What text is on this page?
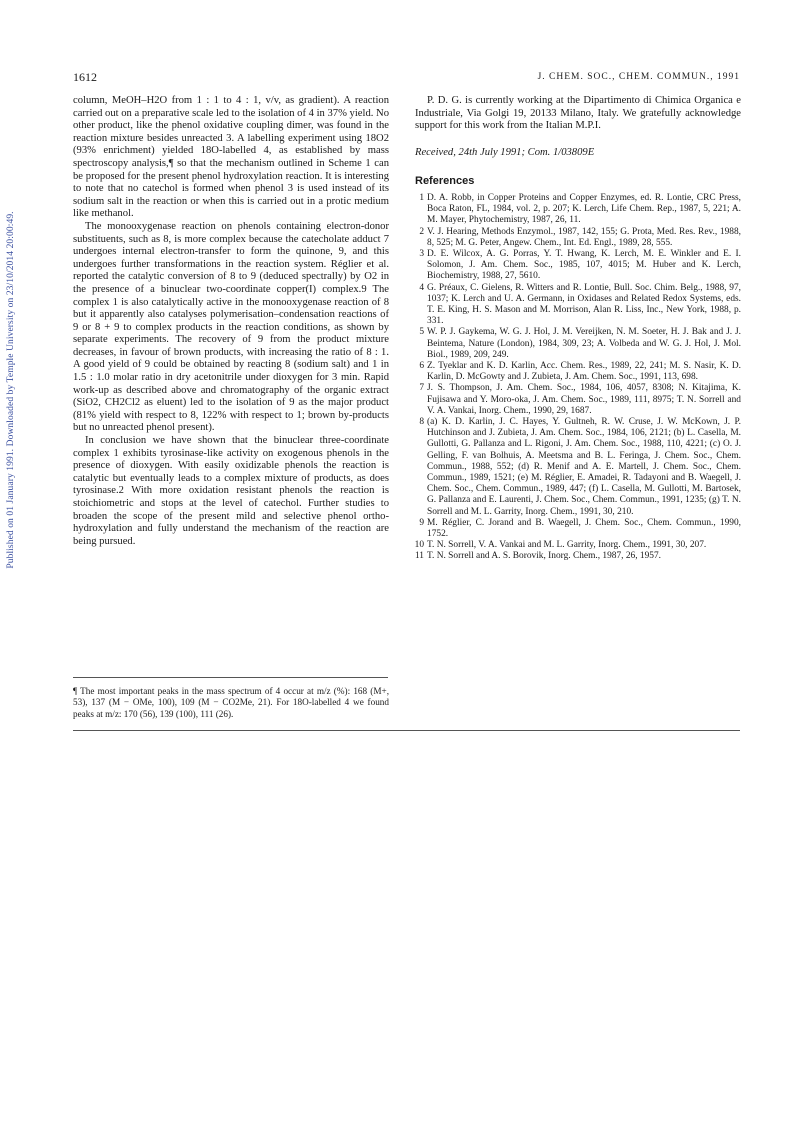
Published on 01 January 1991. Downloaded by Temple University on 23/10/2014 20:00:49.
1612	J. CHEM. SOC., CHEM. COMMUN., 1991

column, MeOH–H2O from 1 : 1 to 4 : 1, v/v, as gradient). A reaction carried out on a preparative scale led to the isolation of 4 in 37% yield. No other product, like the phenol oxidative coupling dimer, was found in the reaction mixture besides unreacted 3. A labelling experiment using 18O2 (93% enrichment) yielded 18O-labelled 4, as established by mass spectroscopy analysis,¶ so that the mechanism outlined in Scheme 1 can be proposed for the present phenol hydroxylation reaction. It is interesting to note that no catechol is formed when phenol 3 is used instead of its sodium salt in the reaction or when this is carried out in a protic medium like methanol.

The monooxygenase reaction on phenols containing electron-donor substituents, such as 8, is more complex because the catecholate adduct 7 undergoes internal electron-transfer to form the quinone, 9, and this undergoes further transformations in the reaction system. Réglier et al. reported the catalytic conversion of 8 to 9 (deduced spectrally) by O2 in the presence of a binuclear two-coordinate copper(I) complex.9 The complex 1 is also catalytically active in the monooxygenase reaction of 8 but it apparently also catalyses polymerisation–condensation reactions of 9 or 8 + 9 to complex products in the reaction conditions, as shown by separate experiments. The recovery of 9 from the product mixture decreases, in favour of brown products, with increasing the ratio of 8 : 1. A good yield of 9 could be obtained by reacting 8 (sodium salt) and 1 in 1.5 : 1.0 molar ratio in dry acetonitrile under dioxygen for 3 min. Rapid work-up as described above and chromatography of the organic extract (SiO2, CH2Cl2 as eluent) led to the isolation of 9 as the major product (81% yield with respect to 8, 122% with respect to 1; brown by-products but no unreacted phenol present).

In conclusion we have shown that the binuclear three-coordinate complex 1 exhibits tyrosinase-like activity on exogenous phenols in the presence of dioxygen. With easily oxidizable phenols the reaction is catalytic but eventually leads to a complex mixture of products, as does tyrosinase.2 With more oxidation resistant phenols the reaction is stoichiometric and stops at the level of catechol. Further studies to broaden the scope of the present mild and selective phenol ortho-hydroxylation and fully understand the mechanism of the reaction are being pursued.

¶ The most important peaks in the mass spectrum of 4 occur at m/z (%): 168 (M+, 53), 137 (M − OMe, 100), 109 (M − CO2Me, 21). For 18O-labelled 4 we found peaks at m/z: 170 (56), 139 (100), 111 (26).

P. D. G. is currently working at the Dipartimento di Chimica Organica e Industriale, Via Golgi 19, 20133 Milano, Italy. We gratefully acknowledge support for this work from the Italian M.P.I.

Received, 24th July 1991; Com. 1/03809E

References
1 D. A. Robb, in Copper Proteins and Copper Enzymes, ed. R. Lontie, CRC Press, Boca Raton, FL, 1984, vol. 2, p. 207; K. Lerch, Life Chem. Rep., 1987, 5, 221; A. M. Mayer, Phytochemistry, 1987, 26, 11.
2 V. J. Hearing, Methods Enzymol., 1987, 142, 155; G. Prota, Med. Res. Rev., 1988, 8, 525; M. G. Peter, Angew. Chem., Int. Ed. Engl., 1989, 28, 555.
3 D. E. Wilcox, A. G. Porras, Y. T. Hwang, K. Lerch, M. E. Winkler and E. I. Solomon, J. Am. Chem. Soc., 1985, 107, 4015; M. Huber and K. Lerch, Biochemistry, 1988, 27, 5610.
4 G. Préaux, C. Gielens, R. Witters and R. Lontie, Bull. Soc. Chim. Belg., 1988, 97, 1037; K. Lerch and U. A. Germann, in Oxidases and Related Redox Systems, eds. T. E. King, H. S. Mason and M. Morrison, Alan R. Liss, Inc., New York, 1988, p. 331.
5 W. P. J. Gaykema, W. G. J. Hol, J. M. Vereijken, N. M. Soeter, H. J. Bak and J. J. Beintema, Nature (London), 1984, 309, 23; A. Volbeda and W. G. J. Hol, J. Mol. Biol., 1989, 209, 249.
6 Z. Tyeklar and K. D. Karlin, Acc. Chem. Res., 1989, 22, 241; M. S. Nasir, K. D. Karlin, D. McGowty and J. Zubieta, J. Am. Chem. Soc., 1991, 113, 698.
7 J. S. Thompson, J. Am. Chem. Soc., 1984, 106, 4057, 8308; N. Kitajima, K. Fujisawa and Y. Moro-oka, J. Am. Chem. Soc., 1989, 111, 8975; T. N. Sorrell and V. A. Vankai, Inorg. Chem., 1990, 29, 1687.
8 (a) K. D. Karlin, J. C. Hayes, Y. Gultneh, R. W. Cruse, J. W. McKown, J. P. Hutchinson and J. Zubieta, J. Am. Chem. Soc., 1984, 106, 2121; (b) L. Casella, M. Gullotti, G. Pallanza and L. Rigoni, J. Am. Chem. Soc., 1988, 110, 4221; (c) O. J. Gelling, F. van Bolhuis, A. Meetsma and B. L. Feringa, J. Chem. Soc., Chem. Commun., 1988, 552; (d) R. Menif and A. E. Martell, J. Chem. Soc., Chem. Commun., 1989, 1521; (e) M. Réglier, E. Amadei, R. Tadayoni and B. Waegell, J. Chem. Soc., Chem. Commun., 1989, 447; (f) L. Casella, M. Gullotti, M. Bartosek, G. Pallanza and E. Laurenti, J. Chem. Soc., Chem. Commun., 1991, 1235; (g) T. N. Sorrell and M. L. Garrity, Inorg. Chem., 1991, 30, 210.
9 M. Réglier, C. Jorand and B. Waegell, J. Chem. Soc., Chem. Commun., 1990, 1752.
10 T. N. Sorrell, V. A. Vankai and M. L. Garrity, Inorg. Chem., 1991, 30, 207.
11 T. N. Sorrell and A. S. Borovik, Inorg. Chem., 1987, 26, 1957.
